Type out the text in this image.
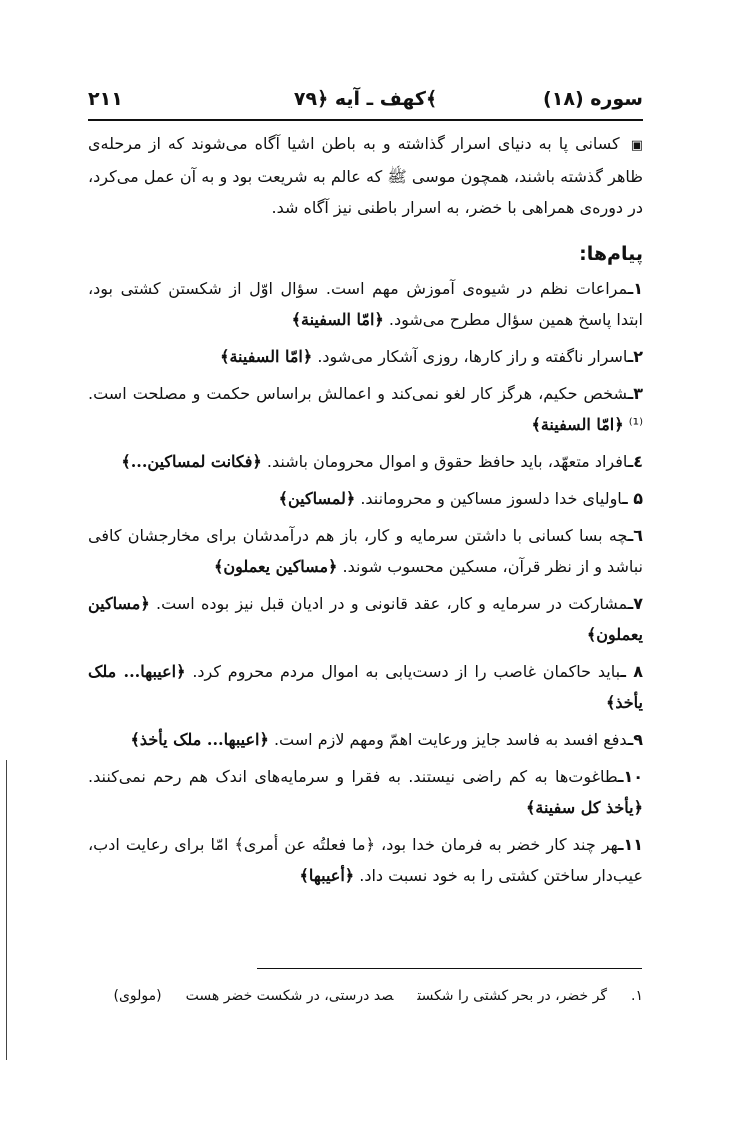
۲۱۱	کهف ـ آیه ﴿۷۹﴾	سوره (۱۸)

▣ کسانی پا به دنیای اسرار گذاشته و به باطن اشیا آگاه می‌شوند که از مرحله‌ی ظاهر گذشته باشند، همچون موسی ﷺ که عالم به شریعت بود و به آن عمل می‌کرد، در دوره‌ی همراهی با خضر، به اسرار باطنی نیز آگاه شد.

پیام‌ها:

۱ـمراعات نظم در شیوه‌ی آموزش مهم است. سؤال اوّل از شکستن کشتی بود، ابتدا پاسخ همین سؤال مطرح می‌شود. ﴿امّا السفینة﴾

۲ـاسرار ناگفته و راز کارها، روزی آشکار می‌شود. ﴿امّا السفینة﴾

۳ـشخص حکیم، هرگز کار لغو نمی‌کند و اعمالش براساس حکمت و مصلحت است.⁽¹⁾ ﴿امّا السفینة﴾

٤ـافراد متعهّد، باید حافظ حقوق و اموال محرومان باشند. ﴿فکانت لمساکین...﴾

۵ ـاولیای خدا دلسوز مساکین و محرومانند. ﴿لمساکین﴾

٦ـچه بسا کسانی با داشتن سرمایه و کار، باز هم درآمدشان برای مخارجشان کافی نباشد و از نظر قرآن، مسکین محسوب شوند. ﴿مساکین یعملون﴾

۷ـمشارکت در سرمایه و کار، عقد قانونی و در ادیان قبل نیز بوده است. ﴿مساکین یعملون﴾

۸ ـباید حاکمان غاصب را از دست‌یابی به اموال مردم محروم کرد. ﴿اعیبها... ملک یأخذ﴾

۹ـدفع افسد به فاسد جایز ورعایت اهمّ ومهم لازم است. ﴿اعیبها... ملک یأخذ﴾

۱۰ـطاغوت‌ها به کم راضی نیستند. به فقرا و سرمایه‌های اندک هم رحم نمی‌کنند. ﴿یأخذ کل سفینة﴾

۱۱ـهر چند کار خضر به فرمان خدا بود، ﴿ما فعلتُه عن أمری﴾ امّا برای رعایت ادب، عیب‌دار ساختن کشتی را به خود نسبت داد. ﴿أعیبها﴾

۱.گر خضر، در بحر کشتی را شکستصد درستی، در شکست خضر هست(مولوی)
